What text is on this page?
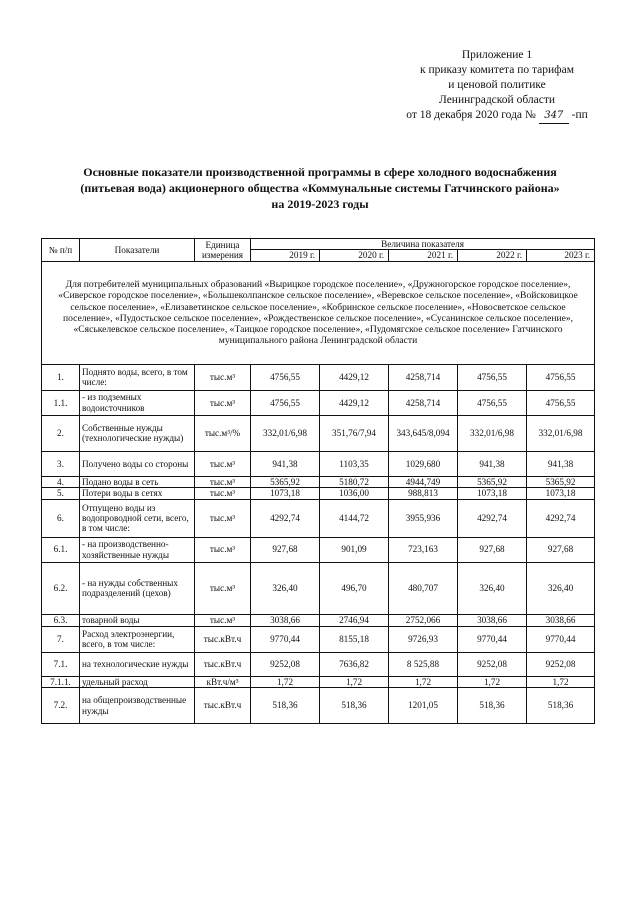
Приложение 1
к приказу комитета по тарифам
и ценовой политике
Ленинградской области
от 18 декабря 2020 года № 347 -пп
Основные показатели производственной программы в сфере холодного водоснабжения (питьевая вода) акционерного общества «Коммунальные системы Гатчинского района» на 2019-2023 годы
№ п/п	Показатели	Единица измерения	Величина показателя				
			2019 г.	2020 г.	2021 г.	2022 г.	2023 г.
Для потребителей муниципальных образований «Вырицкое городское поселение», «Дружногорское городское поселение», «Сиверское городское поселение», «Большеколпанское сельское поселение», «Веревское сельское поселение», «Войсковицкое сельское поселение», «Елизаветинское сельское поселение», «Кобринское сельское поселение», «Новосветское сельское поселение», «Пудостьское сельское поселение», «Рождественское сельское поселение», «Сусанинское сельское поселение», «Сяськелевское сельское поселение», «Таицкое городское поселение», «Пудомягское сельское поселение» Гатчинского муниципального района Ленинградской области							
1.	Поднято воды, всего, в том числе:	тыс.м³	4756,55	4429,12	4258,714	4756,55	4756,55
1.1.	- из подземных водоисточников	тыс.м³	4756,55	4429,12	4258,714	4756,55	4756,55
2.	Собственные нужды (технологические нужды)	тыс.м³/%	332,01/6,98	351,76/7,94	343,645/8,094	332,01/6,98	332,01/6,98
3.	Получено воды со стороны	тыс.м³	941,38	1103,35	1029,680	941,38	941,38
4.	Подано воды в сеть	тыс.м³	5365,92	5180,72	4944,749	5365,92	5365,92
5.	Потери воды в сетях	тыс.м³	1073,18	1036,00	988,813	1073,18	1073,18
6.	Отпущено воды из водопроводной сети, всего, в том числе:	тыс.м³	4292,74	4144,72	3955,936	4292,74	4292,74
6.1.	- на производственно-хозяйственные нужды	тыс.м³	927,68	901,09	723,163	927,68	927,68
6.2.	- на нужды собственных подразделений (цехов)	тыс.м³	326,40	496,70	480,707	326,40	326,40
6.3.	товарной воды	тыс.м³	3038,66	2746,94	2752,066	3038,66	3038,66
7.	Расход электроэнергии, всего, в том числе:	тыс.кВт.ч	9770,44	8155,18	9726,93	9770,44	9770,44
7.1.	на технологические нужды	тыс.кВт.ч	9252,08	7636,82	8 525,88	9252,08	9252,08
7.1.1.	удельный расход	кВт.ч/м³	1,72	1,72	1,72	1,72	1,72
7.2.	на общепроизводственные нужды	тыс.кВт.ч	518,36	518,36	1201,05	518,36	518,36
